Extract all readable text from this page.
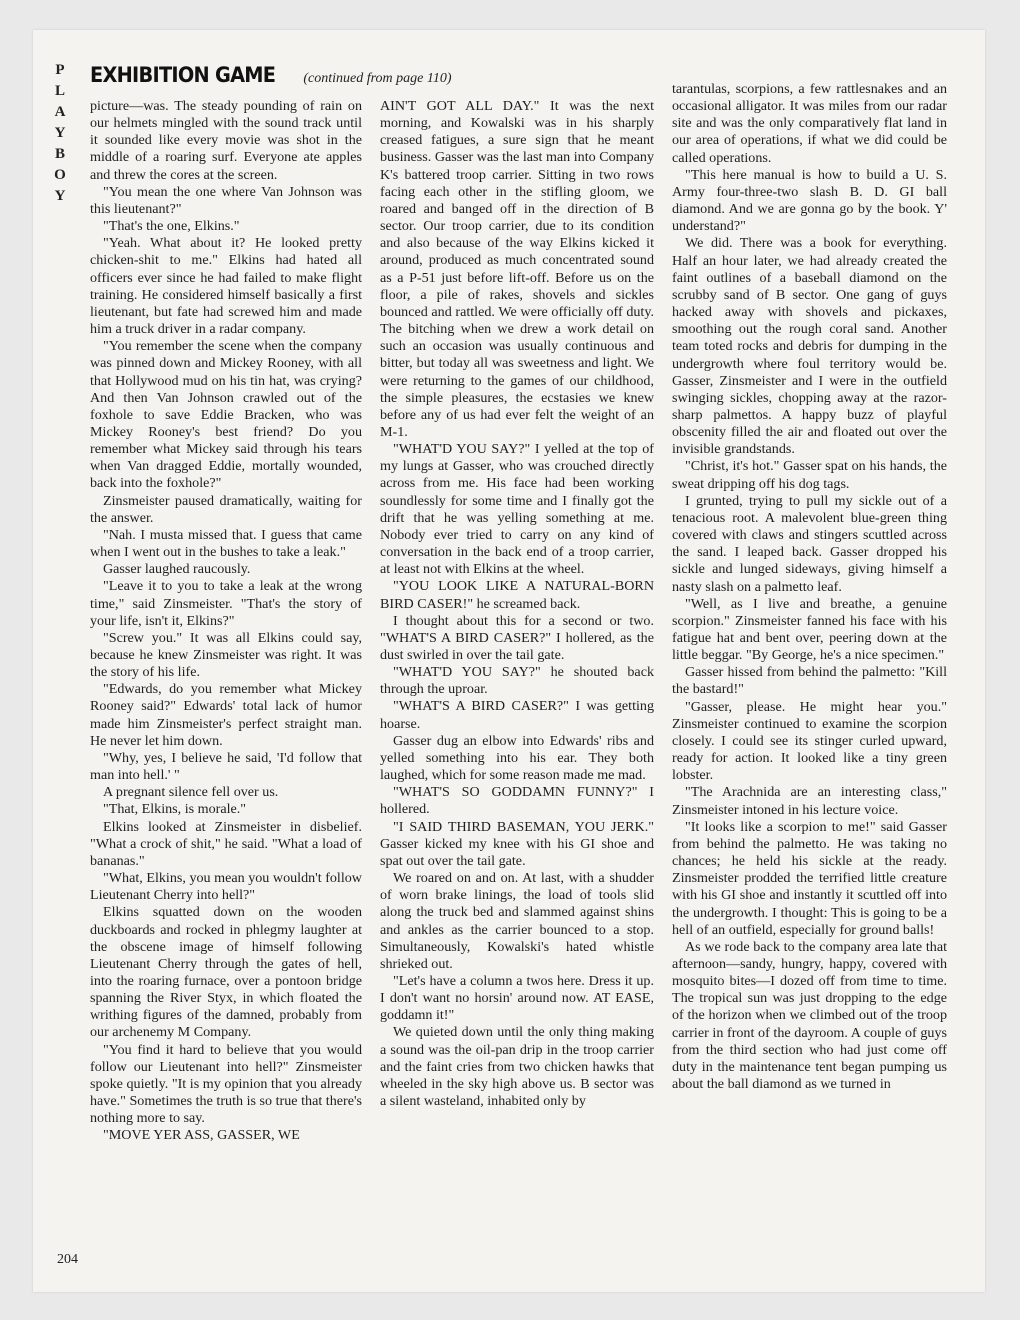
P
L
A
Y
B
O
Y
EXHIBITION GAME (continued from page 110)

picture—was. The steady pounding of rain on our helmets mingled with the sound track until it sounded like every movie was shot in the middle of a roaring surf. Everyone ate apples and threw the cores at the screen.

"You mean the one where Van Johnson was this lieutenant?"

"That's the one, Elkins."

"Yeah. What about it? He looked pretty chicken-shit to me." Elkins had hated all officers ever since he had failed to make flight training. He considered himself basically a first lieutenant, but fate had screwed him and made him a truck driver in a radar company.

"You remember the scene when the company was pinned down and Mickey Rooney, with all that Hollywood mud on his tin hat, was crying? And then Van Johnson crawled out of the foxhole to save Eddie Bracken, who was Mickey Rooney's best friend? Do you remember what Mickey said through his tears when Van dragged Eddie, mortally wounded, back into the foxhole?"

Zinsmeister paused dramatically, waiting for the answer.

"Nah. I musta missed that. I guess that came when I went out in the bushes to take a leak."

Gasser laughed raucously.

"Leave it to you to take a leak at the wrong time," said Zinsmeister. "That's the story of your life, isn't it, Elkins?"

"Screw you." It was all Elkins could say, because he knew Zinsmeister was right. It was the story of his life.

"Edwards, do you remember what Mickey Rooney said?" Edwards' total lack of humor made him Zinsmeister's perfect straight man. He never let him down.

"Why, yes, I believe he said, 'I'd follow that man into hell.' "

A pregnant silence fell over us.

"That, Elkins, is morale."

Elkins looked at Zinsmeister in disbelief. "What a crock of shit," he said. "What a load of bananas."

"What, Elkins, you mean you wouldn't follow Lieutenant Cherry into hell?"

Elkins squatted down on the wooden duckboards and rocked in phlegmy laughter at the obscene image of himself following Lieutenant Cherry through the gates of hell, into the roaring furnace, over a pontoon bridge spanning the River Styx, in which floated the writhing figures of the damned, probably from our archenemy M Company.

"You find it hard to believe that you would follow our Lieutenant into hell?" Zinsmeister spoke quietly. "It is my opinion that you already have." Sometimes the truth is so true that there's nothing more to say.

"MOVE YER ASS, GASSER, WE

AIN'T GOT ALL DAY." It was the next morning, and Kowalski was in his sharply creased fatigues, a sure sign that he meant business. Gasser was the last man into Company K's battered troop carrier. Sitting in two rows facing each other in the stifling gloom, we roared and banged off in the direction of B sector. Our troop carrier, due to its condition and also because of the way Elkins kicked it around, produced as much concentrated sound as a P-51 just before lift-off. Before us on the floor, a pile of rakes, shovels and sickles bounced and rattled. We were officially off duty. The bitching when we drew a work detail on such an occasion was usually continuous and bitter, but today all was sweetness and light. We were returning to the games of our childhood, the simple pleasures, the ecstasies we knew before any of us had ever felt the weight of an M-1.

"WHAT'D YOU SAY?" I yelled at the top of my lungs at Gasser, who was crouched directly across from me. His face had been working soundlessly for some time and I finally got the drift that he was yelling something at me. Nobody ever tried to carry on any kind of conversation in the back end of a troop carrier, at least not with Elkins at the wheel.

"YOU LOOK LIKE A NATURAL-BORN BIRD CASER!" he screamed back.

I thought about this for a second or two. "WHAT'S A BIRD CASER?" I hollered, as the dust swirled in over the tail gate.

"WHAT'D YOU SAY?" he shouted back through the uproar.

"WHAT'S A BIRD CASER?" I was getting hoarse.

Gasser dug an elbow into Edwards' ribs and yelled something into his ear. They both laughed, which for some reason made me mad.

"WHAT'S SO GODDAMN FUNNY?" I hollered.

"I SAID THIRD BASEMAN, YOU JERK." Gasser kicked my knee with his GI shoe and spat out over the tail gate.

We roared on and on. At last, with a shudder of worn brake linings, the load of tools slid along the truck bed and slammed against shins and ankles as the carrier bounced to a stop. Simultaneously, Kowalski's hated whistle shrieked out.

"Let's have a column a twos here. Dress it up. I don't want no horsin' around now. AT EASE, goddamn it!"

We quieted down until the only thing making a sound was the oil-pan drip in the troop carrier and the faint cries from two chicken hawks that wheeled in the sky high above us. B sector was a silent wasteland, inhabited only by

tarantulas, scorpions, a few rattlesnakes and an occasional alligator. It was miles from our radar site and was the only comparatively flat land in our area of operations, if what we did could be called operations.

"This here manual is how to build a U. S. Army four-three-two slash B. D. GI ball diamond. And we are gonna go by the book. Y' understand?"

We did. There was a book for everything. Half an hour later, we had already created the faint outlines of a baseball diamond on the scrubby sand of B sector. One gang of guys hacked away with shovels and pickaxes, smoothing out the rough coral sand. Another team toted rocks and debris for dumping in the undergrowth where foul territory would be. Gasser, Zinsmeister and I were in the outfield swinging sickles, chopping away at the razor-sharp palmettos. A happy buzz of playful obscenity filled the air and floated out over the invisible grandstands.

"Christ, it's hot." Gasser spat on his hands, the sweat dripping off his dog tags.

I grunted, trying to pull my sickle out of a tenacious root. A malevolent blue-green thing covered with claws and stingers scuttled across the sand. I leaped back. Gasser dropped his sickle and lunged sideways, giving himself a nasty slash on a palmetto leaf.

"Well, as I live and breathe, a genuine scorpion." Zinsmeister fanned his face with his fatigue hat and bent over, peering down at the little beggar. "By George, he's a nice specimen."

Gasser hissed from behind the palmetto: "Kill the bastard!"

"Gasser, please. He might hear you." Zinsmeister continued to examine the scorpion closely. I could see its stinger curled upward, ready for action. It looked like a tiny green lobster.

"The Arachnida are an interesting class," Zinsmeister intoned in his lecture voice.

"It looks like a scorpion to me!" said Gasser from behind the palmetto. He was taking no chances; he held his sickle at the ready. Zinsmeister prodded the terrified little creature with his GI shoe and instantly it scuttled off into the undergrowth. I thought: This is going to be a hell of an outfield, especially for ground balls!

As we rode back to the company area late that afternoon—sandy, hungry, happy, covered with mosquito bites—I dozed off from time to time. The tropical sun was just dropping to the edge of the horizon when we climbed out of the troop carrier in front of the dayroom. A couple of guys from the third section who had just come off duty in the maintenance tent began pumping us about the ball diamond as we turned in

204
